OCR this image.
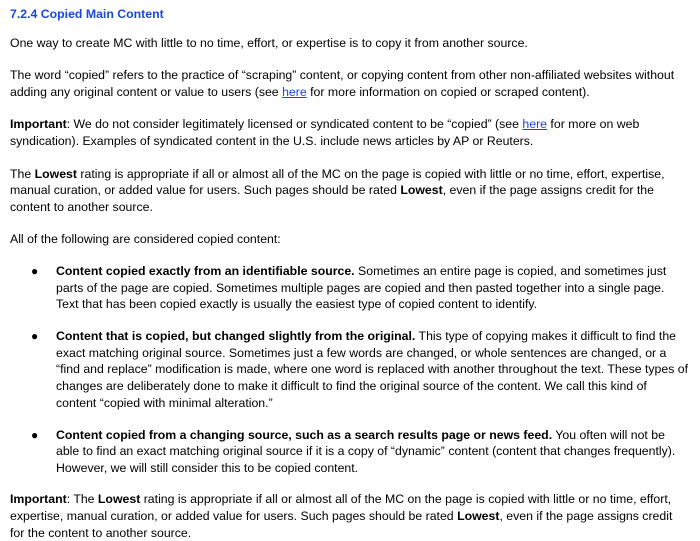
7.2.4 Copied Main Content

One way to create MC with little to no time, effort, or expertise is to copy it from another source.

The word “copied” refers to the practice of “scraping” content, or copying content from other non-affiliated websites without adding any original content or value to users (see here for more information on copied or scraped content).

Important: We do not consider legitimately licensed or syndicated content to be “copied” (see here for more on web syndication). Examples of syndicated content in the U.S. include news articles by AP or Reuters.

The Lowest rating is appropriate if all or almost all of the MC on the page is copied with little or no time, effort, expertise, manual curation, or added value for users. Such pages should be rated Lowest, even if the page assigns credit for the content to another source.

All of the following are considered copied content:

● Content copied exactly from an identifiable source. Sometimes an entire page is copied, and sometimes just parts of the page are copied. Sometimes multiple pages are copied and then pasted together into a single page. Text that has been copied exactly is usually the easiest type of copied content to identify.
● Content that is copied, but changed slightly from the original. This type of copying makes it difficult to find the exact matching original source. Sometimes just a few words are changed, or whole sentences are changed, or a “find and replace” modification is made, where one word is replaced with another throughout the text. These types of changes are deliberately done to make it difficult to find the original source of the content. We call this kind of content “copied with minimal alteration.”
● Content copied from a changing source, such as a search results page or news feed. You often will not be able to find an exact matching original source if it is a copy of “dynamic” content (content that changes frequently). However, we will still consider this to be copied content.

Important: The Lowest rating is appropriate if all or almost all of the MC on the page is copied with little or no time, effort, expertise, manual curation, or added value for users. Such pages should be rated Lowest, even if the page assigns credit for the content to another source.
